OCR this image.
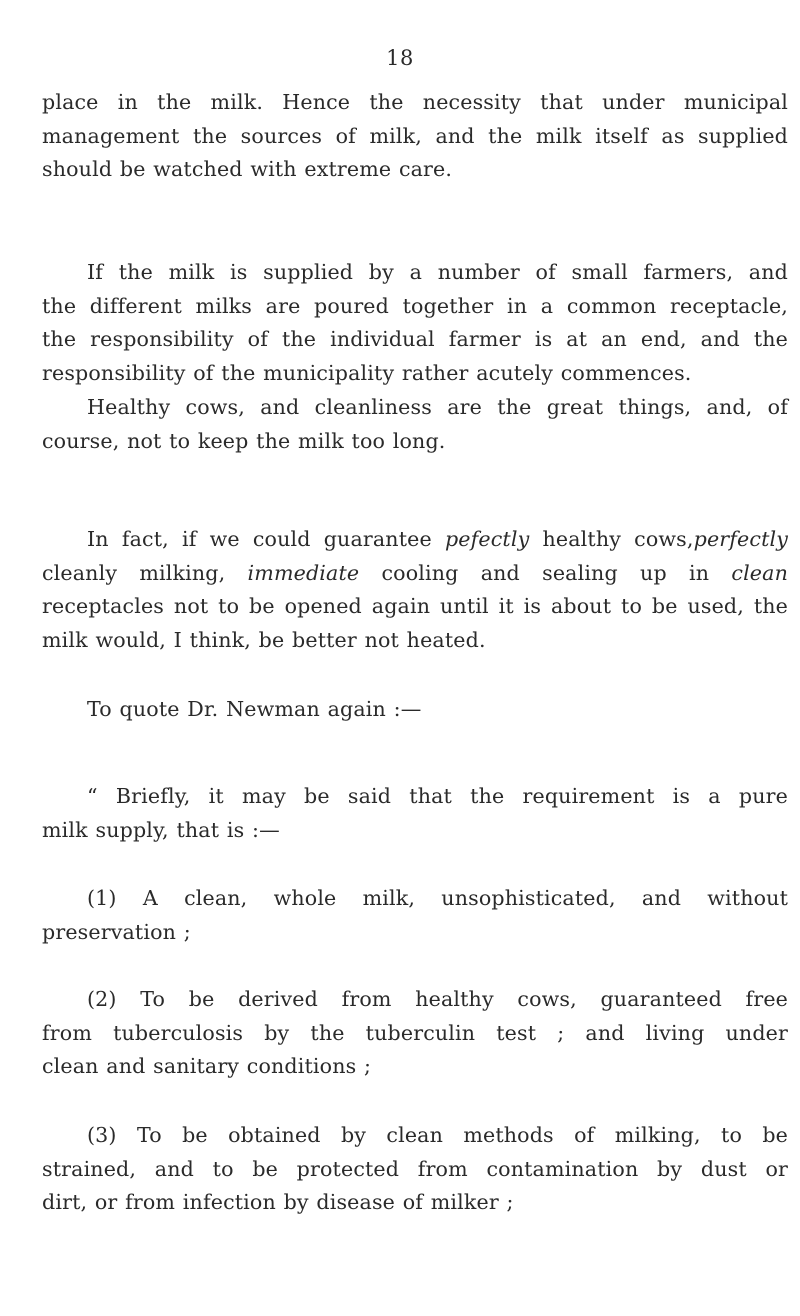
18
place in the milk. Hence the necessity that under municipal
management the sources of milk, and the milk itself as supplied
should be watched with extreme care.
If the milk is supplied by a number of small farmers, and
the different milks are poured together in a common receptacle,
the responsibility of the individual farmer is at an end, and the
responsibility of the municipality rather acutely commences.
Healthy cows, and cleanliness are the great things, and, of
course, not to keep the milk too long.
In fact, if we could guarantee pefectly healthy cows,perfectly
cleanly milking, immediate cooling and sealing up in clean
receptacles not to be opened again until it is about to be used, the
milk would, I think, be better not heated.
To quote Dr. Newman again :—
“ Briefly, it may be said that the requirement is a pure
milk supply, that is :—
(1) A clean, whole milk, unsophisticated, and without
preservation ;
(2) To be derived from healthy cows, guaranteed free
from tuberculosis by the tuberculin test ; and living under
clean and sanitary conditions ;
(3) To be obtained by clean methods of milking, to be
strained, and to be protected from contamination by dust or
dirt, or from infection by disease of milker ;
